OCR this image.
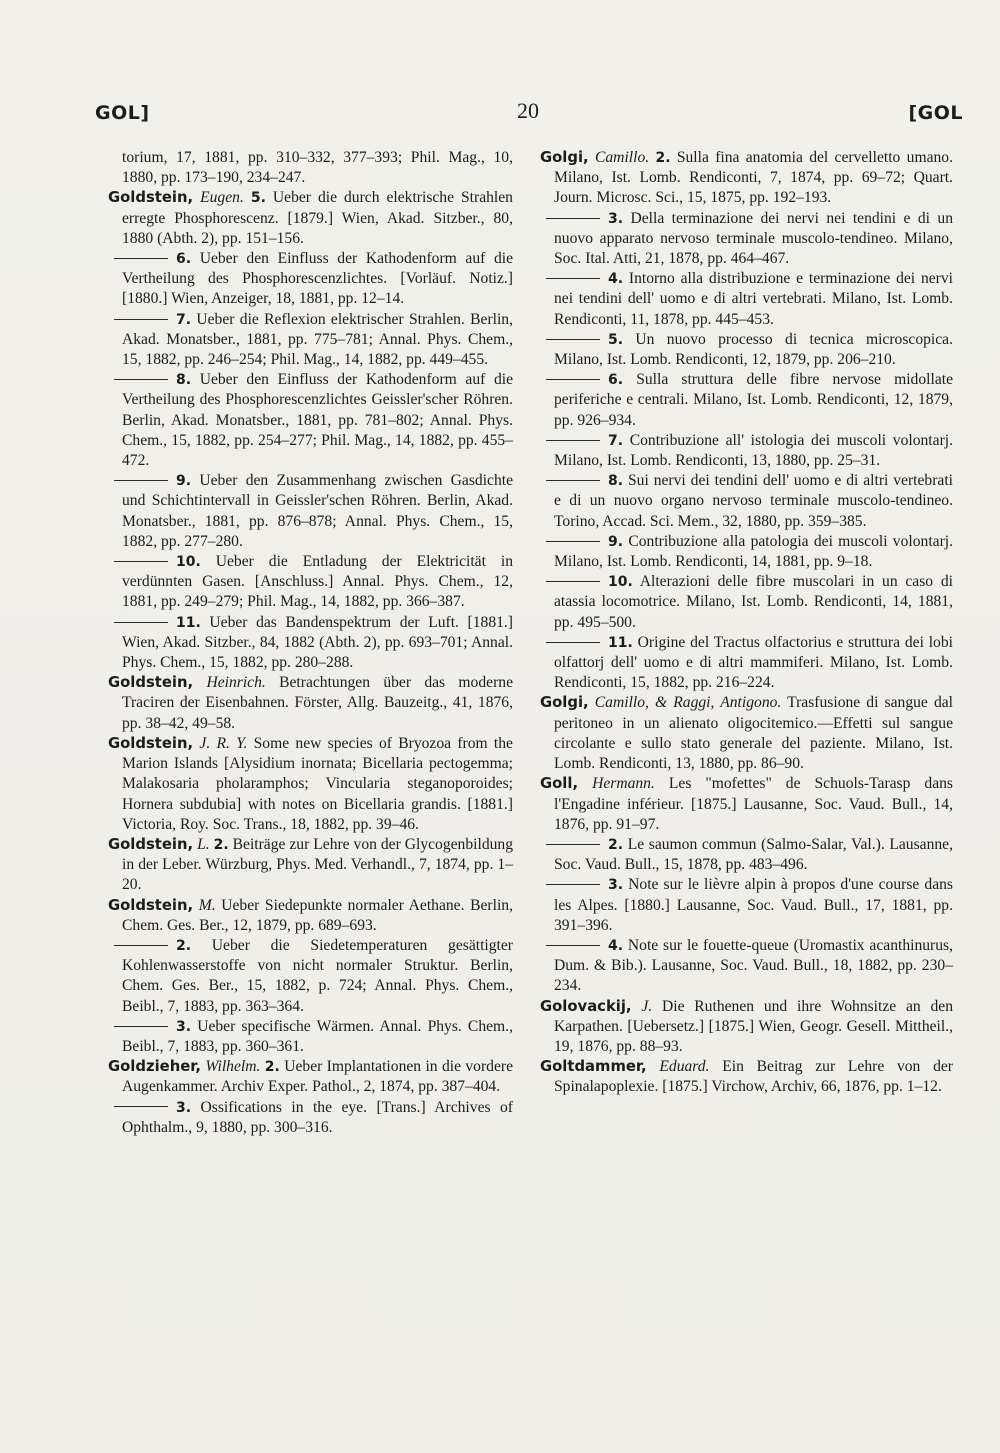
GOL]	20	[GOL
torium, 17, 1881, pp. 310–332, 377–393; Phil. Mag., 10, 1880, pp. 173–190, 234–247.
Goldstein, Eugen. 5. Ueber die durch elektrische Strahlen erregte Phosphorescenz. [1879.] Wien, Akad. Sitzber., 80, 1880 (Abth. 2), pp. 151–156.
6. Ueber den Einfluss der Kathodenform auf die Vertheilung des Phosphorescenzlichtes. [Vorläuf. Notiz.] [1880.] Wien, Anzeiger, 18, 1881, pp. 12–14.
7. Ueber die Reflexion elektrischer Strahlen. Berlin, Akad. Monatsber., 1881, pp. 775–781; Annal. Phys. Chem., 15, 1882, pp. 246–254; Phil. Mag., 14, 1882, pp. 449–455.
8. Ueber den Einfluss der Kathodenform auf die Vertheilung des Phosphorescenzlichtes Geissler'scher Röhren. Berlin, Akad. Monatsber., 1881, pp. 781–802; Annal. Phys. Chem., 15, 1882, pp. 254–277; Phil. Mag., 14, 1882, pp. 455–472.
9. Ueber den Zusammenhang zwischen Gasdichte und Schichtintervall in Geissler'schen Röhren. Berlin, Akad. Monatsber., 1881, pp. 876–878; Annal. Phys. Chem., 15, 1882, pp. 277–280.
10. Ueber die Entladung der Elektricität in verdünnten Gasen. [Anschluss.] Annal. Phys. Chem., 12, 1881, pp. 249–279; Phil. Mag., 14, 1882, pp. 366–387.
11. Ueber das Bandenspektrum der Luft. [1881.] Wien, Akad. Sitzber., 84, 1882 (Abth. 2), pp. 693–701; Annal. Phys. Chem., 15, 1882, pp. 280–288.
Goldstein, Heinrich. Betrachtungen über das moderne Traciren der Eisenbahnen. Förster, Allg. Bauzeitg., 41, 1876, pp. 38–42, 49–58.
Goldstein, J. R. Y. Some new species of Bryozoa from the Marion Islands [Alysidium inornata; Bicellaria pectogemma; Malakosaria pholaramphos; Vincularia steganoporoides; Hornera subdubia] with notes on Bicellaria grandis. [1881.] Victoria, Roy. Soc. Trans., 18, 1882, pp. 39–46.
Goldstein, L. 2. Beiträge zur Lehre von der Glycogenbildung in der Leber. Würzburg, Phys. Med. Verhandl., 7, 1874, pp. 1–20.
Goldstein, M. Ueber Siedepunkte normaler Aethane. Berlin, Chem. Ges. Ber., 12, 1879, pp. 689–693.
2. Ueber die Siedetemperaturen gesättigter Kohlenwasserstoffe von nicht normaler Struktur. Berlin, Chem. Ges. Ber., 15, 1882, p. 724; Annal. Phys. Chem., Beibl., 7, 1883, pp. 363–364.
3. Ueber specifische Wärmen. Annal. Phys. Chem., Beibl., 7, 1883, pp. 360–361.
Goldzieher, Wilhelm. 2. Ueber Implantationen in die vordere Augenkammer. Archiv Exper. Pathol., 2, 1874, pp. 387–404.
3. Ossifications in the eye. [Trans.] Archives of Ophthalm., 9, 1880, pp. 300–316.
Golgi, Camillo. 2. Sulla fina anatomia del cervelletto umano. Milano, Ist. Lomb. Rendiconti, 7, 1874, pp. 69–72; Quart. Journ. Microsc. Sci., 15, 1875, pp. 192–193.
3. Della terminazione dei nervi nei tendini e di un nuovo apparato nervoso terminale muscolo-tendineo. Milano, Soc. Ital. Atti, 21, 1878, pp. 464–467.
4. Intorno alla distribuzione e terminazione dei nervi nei tendini dell' uomo e di altri vertebrati. Milano, Ist. Lomb. Rendiconti, 11, 1878, pp. 445–453.
5. Un nuovo processo di tecnica microscopica. Milano, Ist. Lomb. Rendiconti, 12, 1879, pp. 206–210.
6. Sulla struttura delle fibre nervose midollate periferiche e centrali. Milano, Ist. Lomb. Rendiconti, 12, 1879, pp. 926–934.
7. Contribuzione all' istologia dei muscoli volontarj. Milano, Ist. Lomb. Rendiconti, 13, 1880, pp. 25–31.
8. Sui nervi dei tendini dell' uomo e di altri vertebrati e di un nuovo organo nervoso terminale muscolo-tendineo. Torino, Accad. Sci. Mem., 32, 1880, pp. 359–385.
9. Contribuzione alla patologia dei muscoli volontarj. Milano, Ist. Lomb. Rendiconti, 14, 1881, pp. 9–18.
10. Alterazioni delle fibre muscolari in un caso di atassia locomotrice. Milano, Ist. Lomb. Rendiconti, 14, 1881, pp. 495–500.
11. Origine del Tractus olfactorius e struttura dei lobi olfattorj dell' uomo e di altri mammiferi. Milano, Ist. Lomb. Rendiconti, 15, 1882, pp. 216–224.
Golgi, Camillo, & Raggi, Antigono. Trasfusione di sangue dal peritoneo in un alienato oligocitemico.—Effetti sul sangue circolante e sullo stato generale del paziente. Milano, Ist. Lomb. Rendiconti, 13, 1880, pp. 86–90.
Goll, Hermann. Les "mofettes" de Schuols-Tarasp dans l'Engadine inférieur. [1875.] Lausanne, Soc. Vaud. Bull., 14, 1876, pp. 91–97.
2. Le saumon commun (Salmo-Salar, Val.). Lausanne, Soc. Vaud. Bull., 15, 1878, pp. 483–496.
3. Note sur le lièvre alpin à propos d'une course dans les Alpes. [1880.] Lausanne, Soc. Vaud. Bull., 17, 1881, pp. 391–396.
4. Note sur le fouette-queue (Uromastix acanthinurus, Dum. & Bib.). Lausanne, Soc. Vaud. Bull., 18, 1882, pp. 230–234.
Golovackij, J. Die Ruthenen und ihre Wohnsitze an den Karpathen. [Uebersetz.] [1875.] Wien, Geogr. Gesell. Mittheil., 19, 1876, pp. 88–93.
Goltdammer, Eduard. Ein Beitrag zur Lehre von der Spinalapoplexie. [1875.] Virchow, Archiv, 66, 1876, pp. 1–12.
